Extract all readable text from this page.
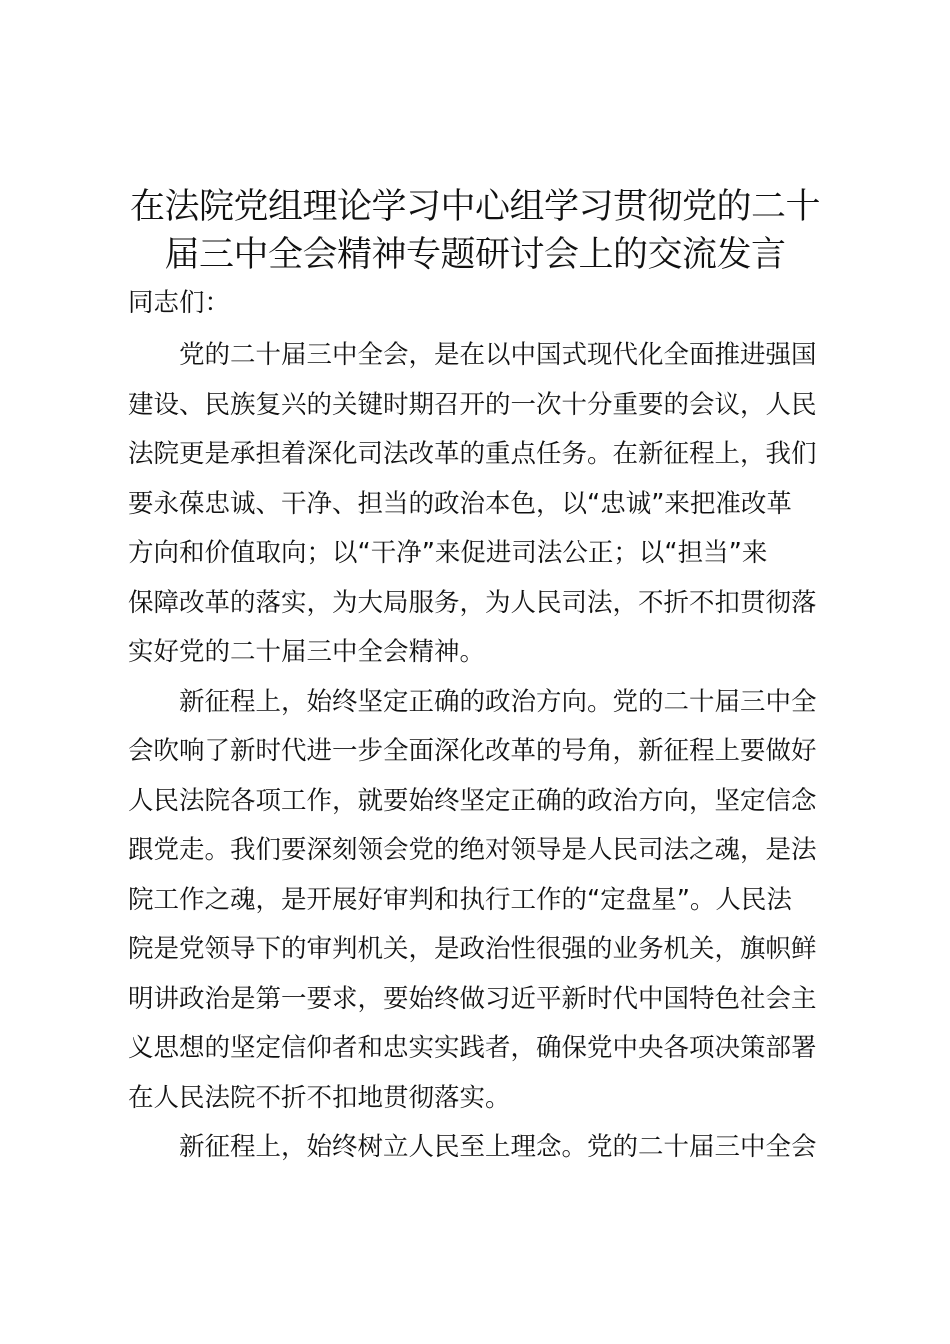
在法院党组理论学习中心组学习贯彻党的二十
届三中全会精神专题研讨会上的交流发言
同志们：
　　党的二十届三中全会，是在以中国式现代化全面推进强国
建设、民族复兴的关键时期召开的一次十分重要的会议，人民
法院更是承担着深化司法改革的重点任务。在新征程上，我们
要永葆忠诚、干净、担当的政治本色，以“忠诚”来把准改革
方向和价值取向；以“干净”来促进司法公正；以“担当”来
保障改革的落实，为大局服务，为人民司法，不折不扣贯彻落
实好党的二十届三中全会精神。
　　新征程上，始终坚定正确的政治方向。党的二十届三中全
会吹响了新时代进一步全面深化改革的号角，新征程上要做好
人民法院各项工作，就要始终坚定正确的政治方向，坚定信念
跟党走。我们要深刻领会党的绝对领导是人民司法之魂，是法
院工作之魂，是开展好审判和执行工作的“定盘星”。人民法
院是党领导下的审判机关，是政治性很强的业务机关，旗帜鲜
明讲政治是第一要求，要始终做习近平新时代中国特色社会主
义思想的坚定信仰者和忠实实践者，确保党中央各项决策部署
在人民法院不折不扣地贯彻落实。
　　新征程上，始终树立人民至上理念。党的二十届三中全会
